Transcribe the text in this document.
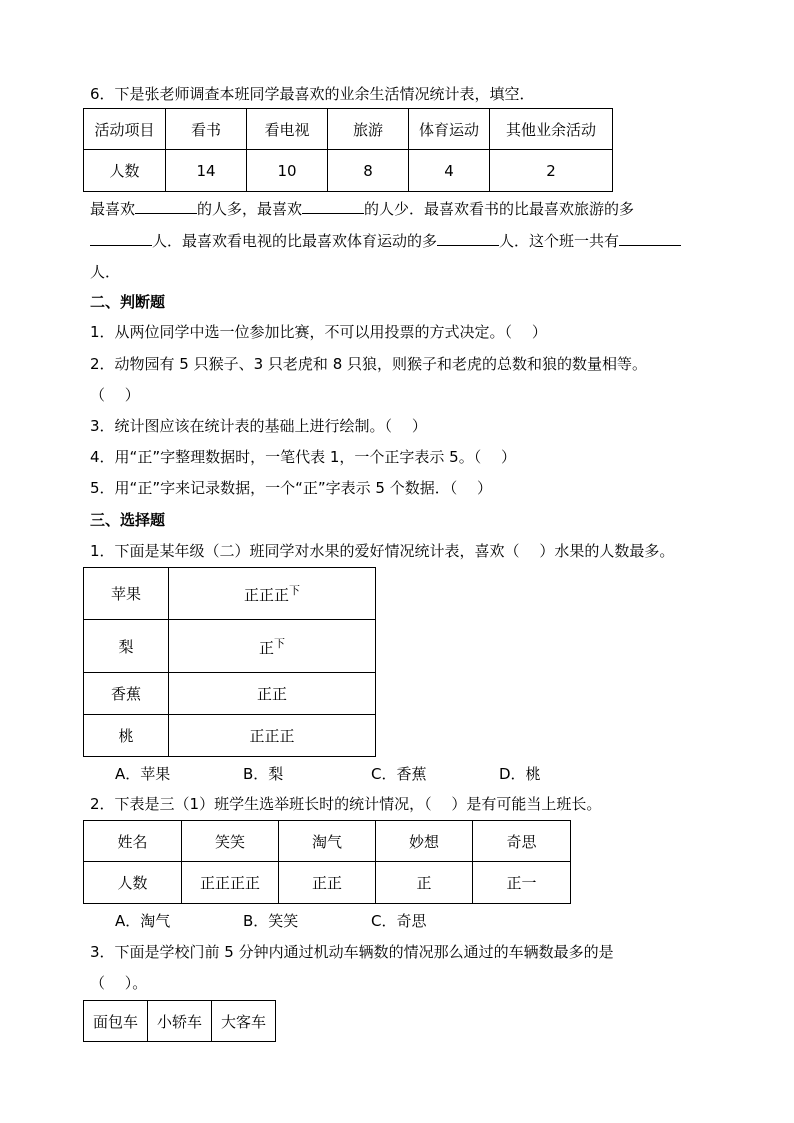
6．下是张老师调查本班同学最喜欢的业余生活情况统计表，填空．
活动项目	看书	看电视	旅游	体育运动	其他业余活动
人数	14	10	8	4	2
最喜欢	的人多，最喜欢	的人少．最喜欢看书的比最喜欢旅游的多
人．最喜欢看电视的比最喜欢体育运动的多	人．这个班一共有
人．
二、判断题
1．从两位同学中选一位参加比赛，不可以用投票的方式决定。（　 ）
2．动物园有 5 只猴子、3 只老虎和 8 只狼，则猴子和老虎的总数和狼的数量相等。
（　 ）
3．统计图应该在统计表的基础上进行绘制。（　 ）
4．用“正”字整理数据时，一笔代表 1，一个正字表示 5。（　 ）
5．用“正”字来记录数据，一个“正”字表示 5 个数据．（　 ）
三、选择题
1．下面是某年级（二）班同学对水果的爱好情况统计表，喜欢（　 ）水果的人数最多。
苹果	正正正$^下$
梨	正$^下$
香蕉	正正
桃	正正正
A．苹果	B．梨	C．香蕉	D．桃
2．下表是三（1）班学生选举班长时的统计情况，（　 ）是有可能当上班长。
姓名	笑笑	淘气	妙想	奇思
人数	正正正正	正正	正	正一
A．淘气	B．笑笑	C．奇思
3．下面是学校门前 5 分钟内通过机动车辆数的情况那么通过的车辆数最多的是
（　 ）。
面包车	小轿车	大客车
